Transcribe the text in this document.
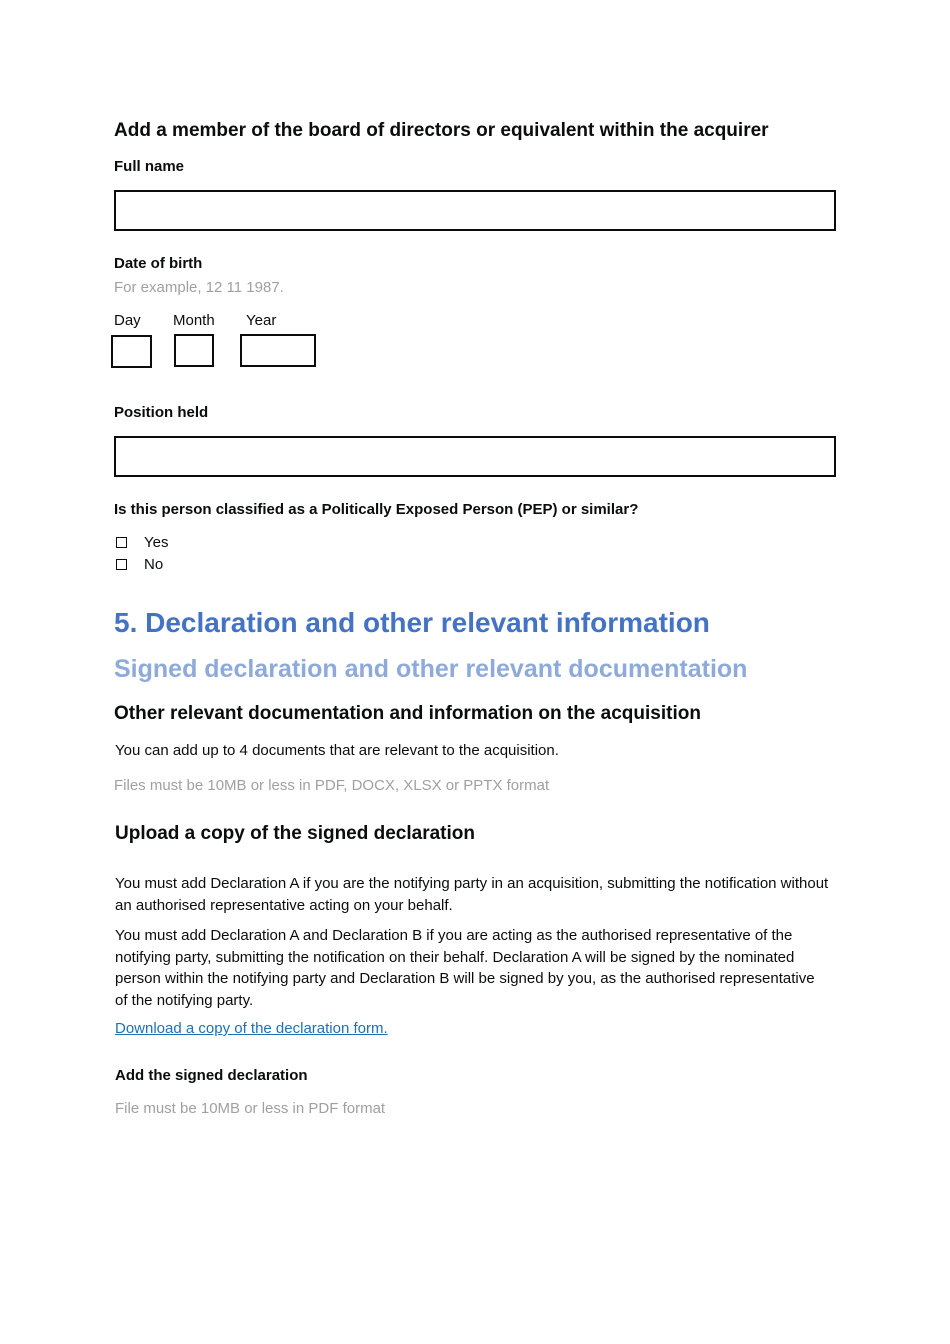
Add a member of the board of directors or equivalent within the acquirer
Full name
Date of birth
For example, 12 11 1987.
Day Month Year
Position held
Is this person classified as a Politically Exposed Person (PEP) or similar?
Yes
No
5. Declaration and other relevant information
Signed declaration and other relevant documentation
Other relevant documentation and information on the acquisition
You can add up to 4 documents that are relevant to the acquisition.
Files must be 10MB or less in PDF, DOCX, XLSX or PPTX format
Upload a copy of the signed declaration
You must add Declaration A if you are the notifying party in an acquisition, submitting the notification without an authorised representative acting on your behalf.
You must add Declaration A and Declaration B if you are acting as the authorised representative of the notifying party, submitting the notification on their behalf. Declaration A will be signed by the nominated person within the notifying party and Declaration B will be signed by you, as the authorised representative of the notifying party.
Download a copy of the declaration form.
Add the signed declaration
File must be 10MB or less in PDF format
